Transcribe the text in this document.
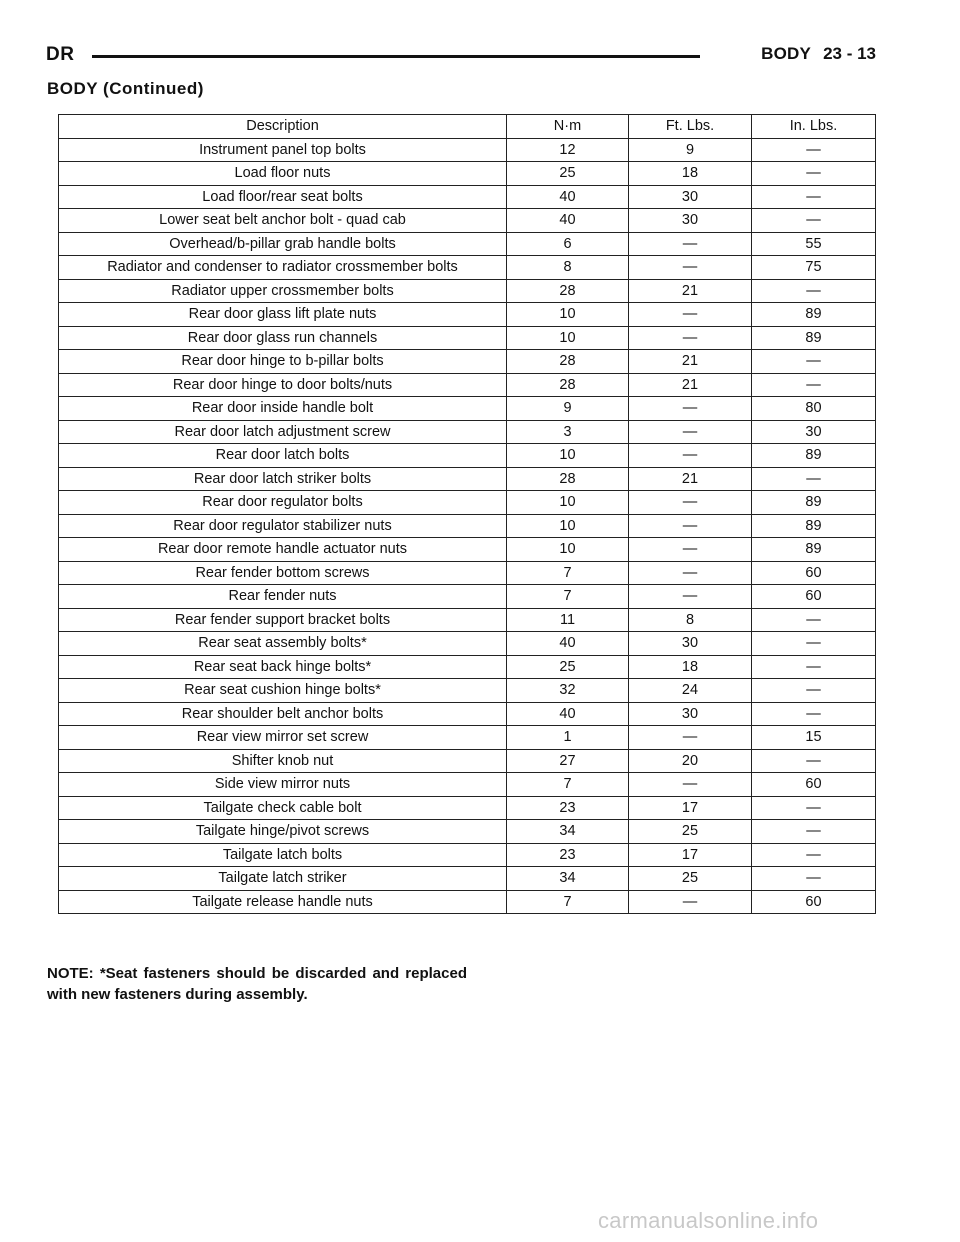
DR	BODY 23 - 13
BODY (Continued)
Description	N·m	Ft. Lbs.	In. Lbs.
Instrument panel top bolts	12	9	—
Load floor nuts	25	18	—
Load floor/rear seat bolts	40	30	—
Lower seat belt anchor bolt - quad cab	40	30	—
Overhead/b-pillar grab handle bolts	6	—	55
Radiator and condenser to radiator crossmember bolts	8	—	75
Radiator upper crossmember bolts	28	21	—
Rear door glass lift plate nuts	10	—	89
Rear door glass run channels	10	—	89
Rear door hinge to b-pillar bolts	28	21	—
Rear door hinge to door bolts/nuts	28	21	—
Rear door inside handle bolt	9	—	80
Rear door latch adjustment screw	3	—	30
Rear door latch bolts	10	—	89
Rear door latch striker bolts	28	21	—
Rear door regulator bolts	10	—	89
Rear door regulator stabilizer nuts	10	—	89
Rear door remote handle actuator nuts	10	—	89
Rear fender bottom screws	7	—	60
Rear fender nuts	7	—	60
Rear fender support bracket bolts	11	8	—
Rear seat assembly bolts*	40	30	—
Rear seat back hinge bolts*	25	18	—
Rear seat cushion hinge bolts*	32	24	—
Rear shoulder belt anchor bolts	40	30	—
Rear view mirror set screw	1	—	15
Shifter knob nut	27	20	—
Side view mirror nuts	7	—	60
Tailgate check cable bolt	23	17	—
Tailgate hinge/pivot screws	34	25	—
Tailgate latch bolts	23	17	—
Tailgate latch striker	34	25	—
Tailgate release handle nuts	7	—	60
NOTE: *Seat fasteners should be discarded and replaced with new fasteners during assembly.
carmanualsonline.info
